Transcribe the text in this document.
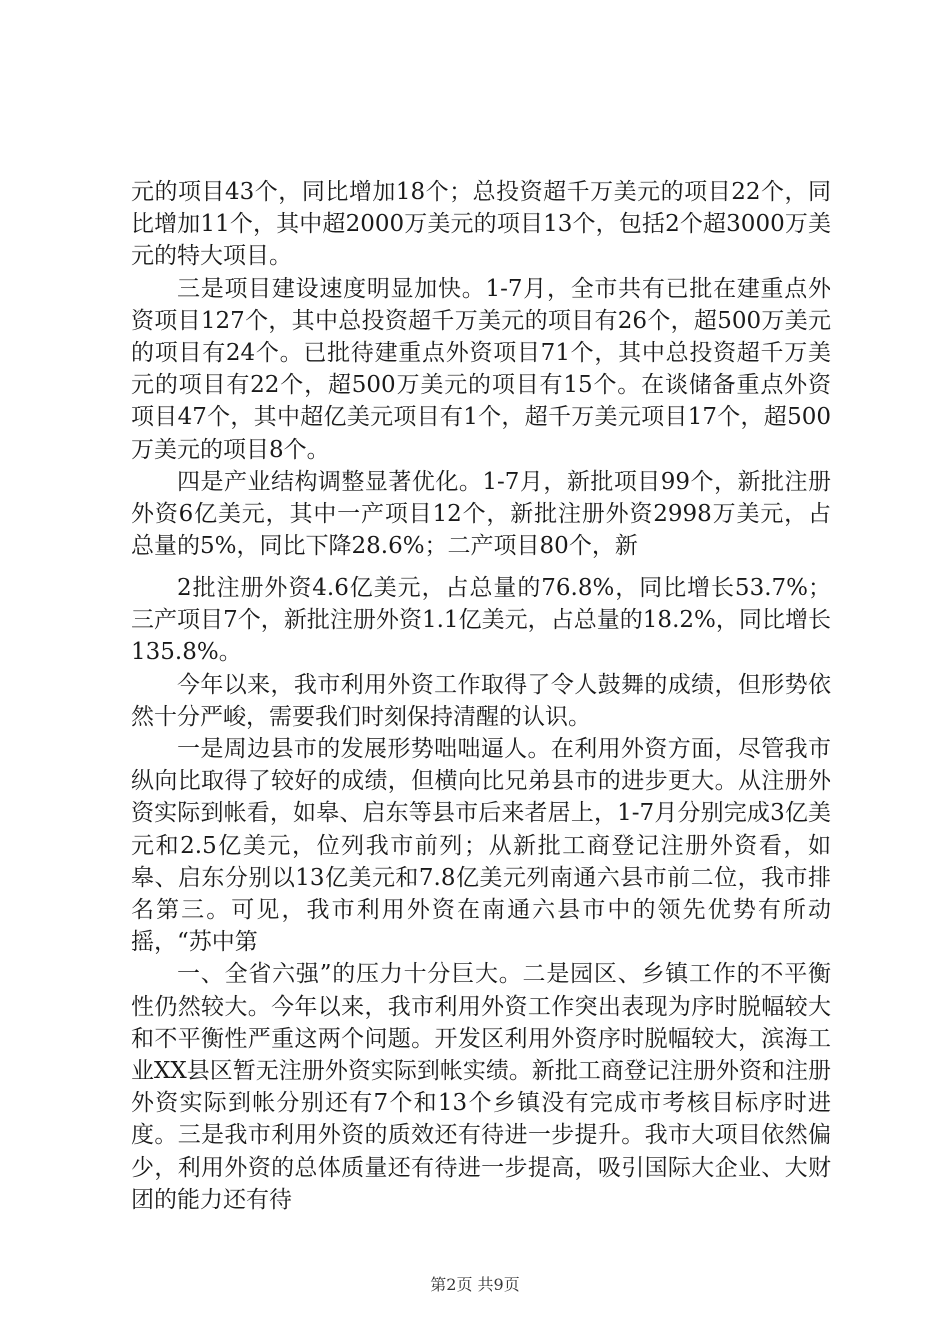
元的项目43个，同比增加18个；总投资超千万美元的项目22个，同比增加11个，其中超2000万美元的项目13个，包括2个超3000万美元的特大项目。

三是项目建设速度明显加快。1-7月，全市共有已批在建重点外资项目127个，其中总投资超千万美元的项目有26个，超500万美元的项目有24个。已批待建重点外资项目71个，其中总投资超千万美元的项目有22个，超500万美元的项目有15个。在谈储备重点外资项目47个，其中超亿美元项目有1个，超千万美元项目17个，超500万美元的项目8个。

四是产业结构调整显著优化。1-7月，新批项目99个，新批注册外资6亿美元，其中一产项目12个，新批注册外资2998万美元，占总量的5%，同比下降28.6%；二产项目80个，新

2批注册外资4.6亿美元，占总量的76.8%，同比增长53.7%；三产项目7个，新批注册外资1.1亿美元，占总量的18.2%，同比增长135.8%。

今年以来，我市利用外资工作取得了令人鼓舞的成绩，但形势依然十分严峻，需要我们时刻保持清醒的认识。

一是周边县市的发展形势咄咄逼人。在利用外资方面，尽管我市纵向比取得了较好的成绩，但横向比兄弟县市的进步更大。从注册外资实际到帐看，如皋、启东等县市后来者居上，1-7月分别完成3亿美元和2.5亿美元，位列我市前列；从新批工商登记注册外资看，如皋、启东分别以13亿美元和7.8亿美元列南通六县市前二位，我市排名第三。可见，我市利用外资在南通六县市中的领先优势有所动摇，“苏中第

一、全省六强”的压力十分巨大。二是园区、乡镇工作的不平衡性仍然较大。今年以来，我市利用外资工作突出表现为序时脱幅较大和不平衡性严重这两个问题。开发区利用外资序时脱幅较大，滨海工业XX县区暂无注册外资实际到帐实绩。新批工商登记注册外资和注册外资实际到帐分别还有7个和13个乡镇没有完成市考核目标序时进度。三是我市利用外资的质效还有待进一步提升。我市大项目依然偏少，利用外资的总体质量还有待进一步提高，吸引国际大企业、大财团的能力还有待

第2页 共9页
